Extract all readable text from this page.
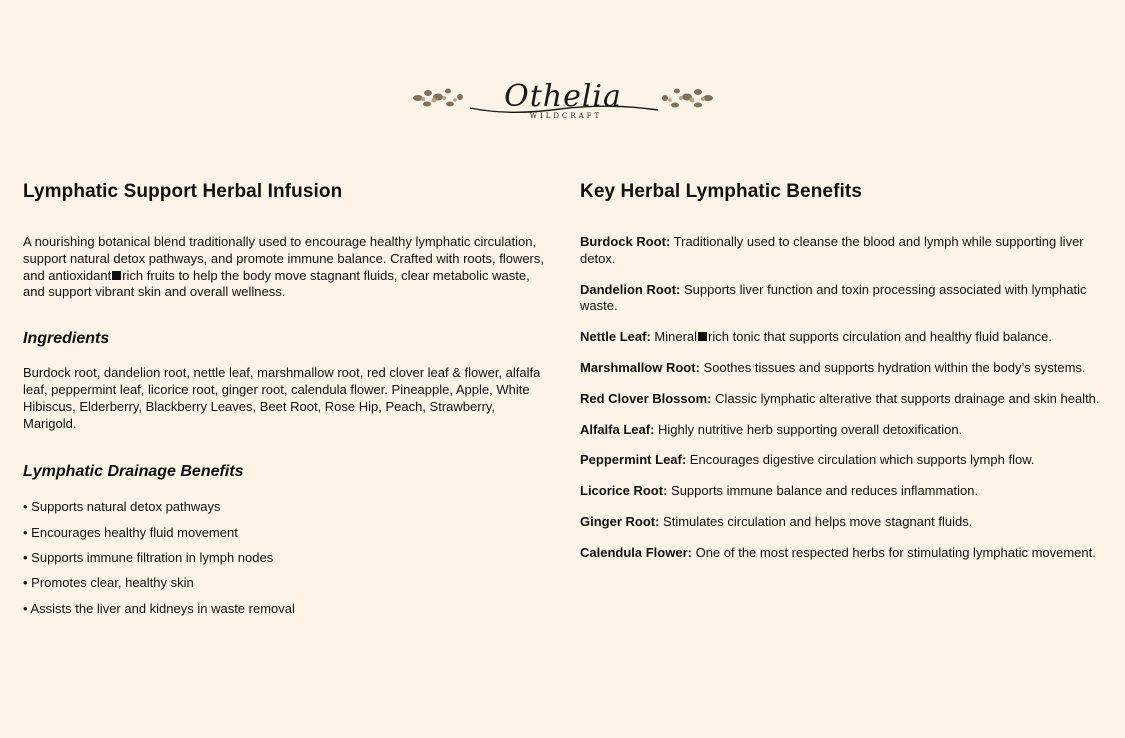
Othelia
WILDCRAFT
Lymphatic Support Herbal Infusion

A nourishing botanical blend traditionally used to encourage healthy lymphatic circulation, support natural detox pathways, and promote immune balance. Crafted with roots, flowers, and antioxidant rich fruits to help the body move stagnant fluids, clear metabolic waste, and support vibrant skin and overall wellness.

Ingredients

Burdock root, dandelion root, nettle leaf, marshmallow root, red clover leaf & flower, alfalfa leaf, peppermint leaf, licorice root, ginger root, calendula flower. Pineapple, Apple, White Hibiscus, Elderberry, Blackberry Leaves, Beet Root, Rose Hip, Peach, Strawberry, Marigold.

Lymphatic Drainage Benefits
• Supports natural detox pathways
• Encourages healthy fluid movement
• Supports immune filtration in lymph nodes
• Promotes clear, healthy skin
• Assists the liver and kidneys in waste removal
Key Herbal Lymphatic Benefits
Burdock Root: Traditionally used to cleanse the blood and lymph while supporting liver detox.
Dandelion Root: Supports liver function and toxin processing associated with lymphatic waste.
Nettle Leaf: Mineral rich tonic that supports circulation and healthy fluid balance.
Marshmallow Root: Soothes tissues and supports hydration within the body’s systems.
Red Clover Blossom: Classic lymphatic alterative that supports drainage and skin health.
Alfalfa Leaf: Highly nutritive herb supporting overall detoxification.
Peppermint Leaf: Encourages digestive circulation which supports lymph flow.
Licorice Root: Supports immune balance and reduces inflammation.
Ginger Root: Stimulates circulation and helps move stagnant fluids.
Calendula Flower: One of the most respected herbs for stimulating lymphatic movement.
